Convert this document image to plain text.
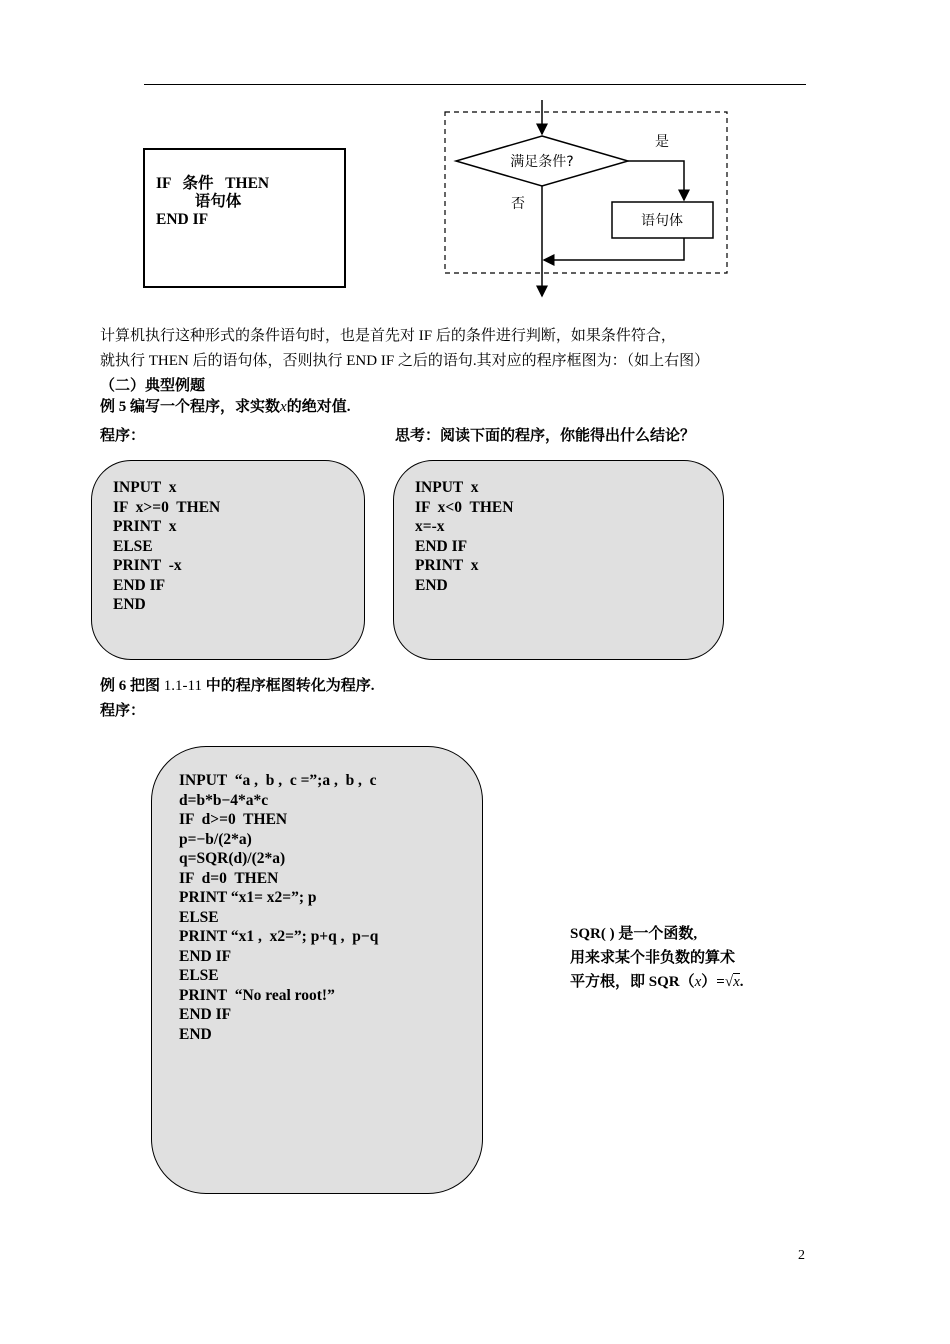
IF   条件   THEN
语句体
END IF
满足条件?
是
语句体
否
计算机执行这种形式的条件语句时，也是首先对 IF 后的条件进行判断，如果条件符合，
就执行 THEN 后的语句体，否则执行 END IF 之后的语句.其对应的程序框图为：（如上右图）
（二）典型例题
例 5 编写一个程序，求实数x的绝对值.
程序：	思考：阅读下面的程序，你能得出什么结论？
INPUT  x
IF  x>=0  THEN
PRINT  x
ELSE
PRINT  -x
END IF
END
INPUT  x
IF  x<0  THEN
x=-x
END IF
PRINT  x
END
例 6 把图 1.1-11 中的程序框图转化为程序.
程序：
INPUT  “a ,  b ,  c =”;a ,  b ,  c
d=b*b−4*a*c
IF  d>=0  THEN
p=−b/(2*a)
q=SQR(d)/(2*a)
IF  d=0  THEN
PRINT “x1= x2=”; p
ELSE
PRINT “x1 ,  x2=”; p+q ,  p−q
END IF
ELSE
PRINT  “No real root!”
END IF
END
SQR( ) 是一个函数,
用来求某个非负数的算术
平方根，即 SQR（x）=√x.
2
